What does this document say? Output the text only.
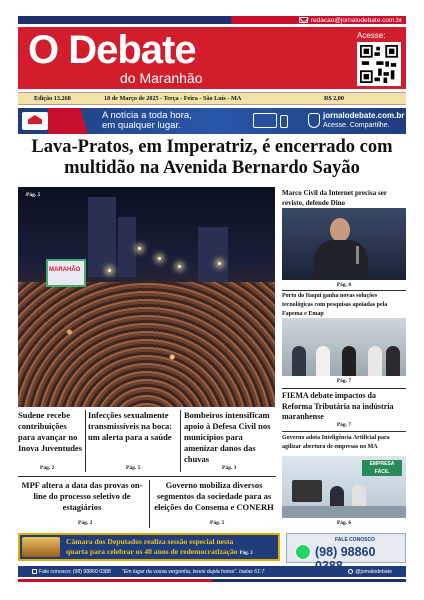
redacao@jornalodebate.com.br
O Debate
do Maranhão
Acesse:
Edição 13.268	18 de Março de 2025 - Terça - Feira - São Luís - MA	R$ 2,00
A notícia a toda hora,
em qualquer lugar.
jornalodebate.com.br
Acesse. Compartilhe.
Lava-Pratos, em Imperatriz, é encerrado com multidão na Avenida Bernardo Sayão
MARAHÃO
Pág. 5	Marco Civil da Internet precisa ser revisto, defende Dino
Pág. 8
Porto do Itaqui ganha novas soluções tecnológicas com pesquisas apoiadas pela Fapema e Emap
Pág. 7
FIEMA debate impactos da Reforma Tributária na indústria maranhense
Pág. 7
Governo adota Inteligência Artificial para agilizar abertura de empresas no MA
EMPRESA FÁCIL
Pág. 6
Sudene recebe contribuições para avançar no Inova Juventudes
Pág. 2
Infecções sexualmente transmissíveis na boca: um alerta para a saúde
Pág. 5
Bombeiros intensificam apoio à Defesa Civil nos municípios para amenizar danos das chuvas
Pág. 3
MPF altera a data das provas on-line do processo seletivo de estagiários
Pág. 2
Governo mobiliza diversos segmentos da sociedade para as eleições do Consema e CONERH
Pág. 5
Câmara dos Deputados realiza sessão especial nesta
quarta para celebrar os 40 anos de redemocratização Pág. 3
FALE CONOSCO
(98) 98860
Fale conosco: (98) 98860 0388	"Em lugar da vossa vergonha, tereis dupla honra". Isaías 61:7	@jornalodebate
